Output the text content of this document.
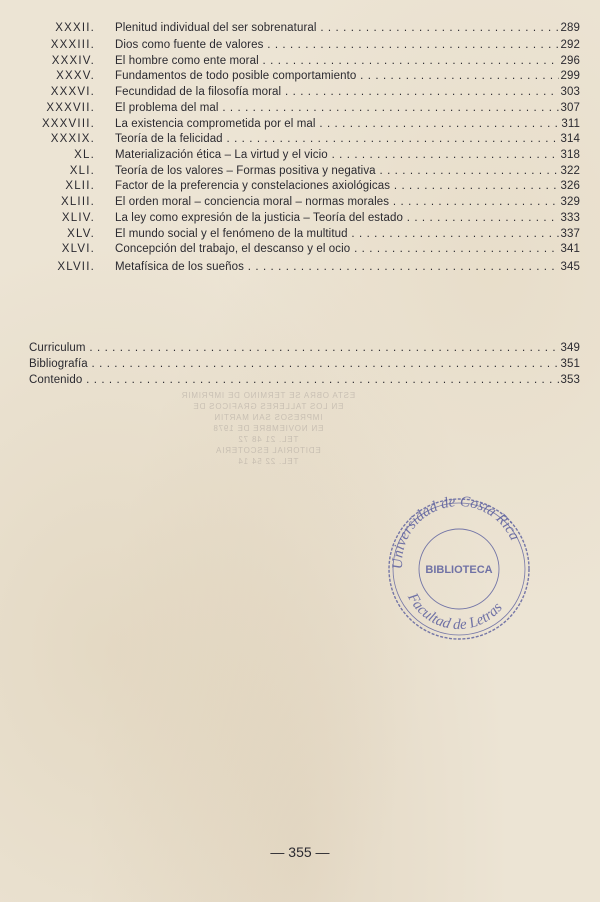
XXXII. Plenitud individual del ser sobrenatural . . .	289
XXXIII. Dios como fuente de valores . . .	292
XXXIV. El hombre como ente moral . . .	296
XXXV. Fundamentos de todo posible comportamiento . . .	299
XXXVI. Fecundidad de la filosofía moral . . .	303
XXXVII. El problema del mal . . .	307
XXXVIII. La existencia comprometida por el mal . . .	311
XXXIX. Teoría de la felicidad . . .	314
XL. Materialización ética – La virtud y el vicio . . .	318
XLI. Teoría de los valores – Formas positiva y negativa . . .	322
XLII. Factor de la preferencia y constelaciones axiológicas . . .	326
XLIII. El orden moral – conciencia moral – normas morales . . .	329
XLIV. La ley como expresión de la justicia – Teoría del estado . . .	333
XLV. El mundo social y el fenómeno de la multitud . . .	337
XLVI. Concepción del trabajo, el descanso y el ocio . . .	341
XLVII. Metafísica de los sueños . . .	345
Curriculum . . .	349
Bibliografía . . .	351
Contenido . . .	353
ESTA OBRA SE TERMINO DE IMPRIMIR
EN LOS TALLERES GRAFICOS DE
IMPRESOS SAN MARTIN
EN NOVIEMBRE DE 1978
TEL. 21 48 72
EDITORIAL ESCOTERIA
TEL. 22 54 14
Universidad de Costa Rica
Facultad de Letras
BIBLIOTECA
— 355 —
